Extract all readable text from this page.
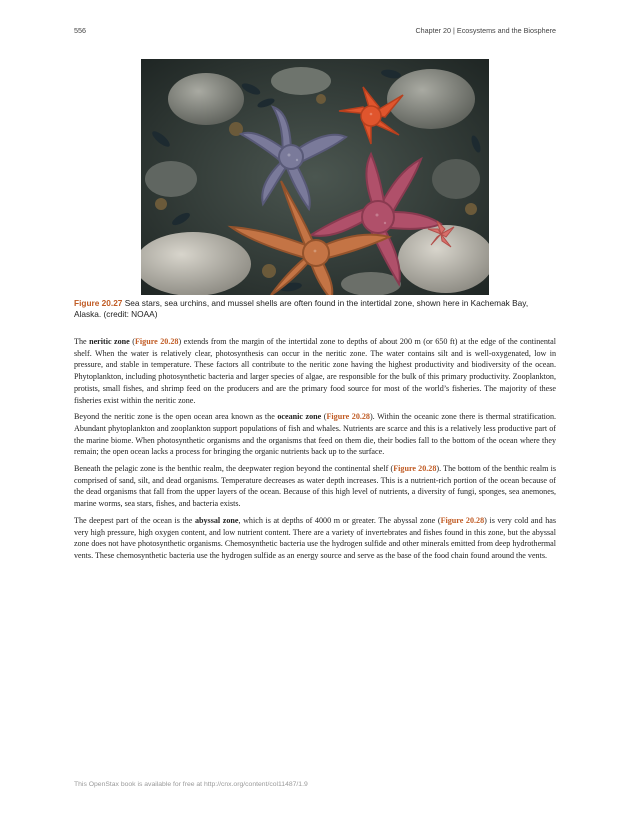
556	Chapter 20 | Ecosystems and the Biosphere
Figure 20.27 Sea stars, sea urchins, and mussel shells are often found in the intertidal zone, shown here in Kachemak Bay, Alaska. (credit: NOAA)

The neritic zone (Figure 20.28) extends from the margin of the intertidal zone to depths of about 200 m (or 650 ft) at the edge of the continental shelf. When the water is relatively clear, photosynthesis can occur in the neritic zone. The water contains silt and is well-oxygenated, low in pressure, and stable in temperature. These factors all contribute to the neritic zone having the highest productivity and biodiversity of the ocean. Phytoplankton, including photosynthetic bacteria and larger species of algae, are responsible for the bulk of this primary productivity. Zooplankton, protists, small fishes, and shrimp feed on the producers and are the primary food source for most of the world’s fisheries. The majority of these fisheries exist within the neritic zone.

Beyond the neritic zone is the open ocean area known as the oceanic zone (Figure 20.28). Within the oceanic zone there is thermal stratification. Abundant phytoplankton and zooplankton support populations of fish and whales. Nutrients are scarce and this is a relatively less productive part of the marine biome. When photosynthetic organisms and the organisms that feed on them die, their bodies fall to the bottom of the ocean where they remain; the open ocean lacks a process for bringing the organic nutrients back up to the surface.

Beneath the pelagic zone is the benthic realm, the deepwater region beyond the continental shelf (Figure 20.28). The bottom of the benthic realm is comprised of sand, silt, and dead organisms. Temperature decreases as water depth increases. This is a nutrient-rich portion of the ocean because of the dead organisms that fall from the upper layers of the ocean. Because of this high level of nutrients, a diversity of fungi, sponges, sea anemones, marine worms, sea stars, fishes, and bacteria exists.

The deepest part of the ocean is the abyssal zone, which is at depths of 4000 m or greater. The abyssal zone (Figure 20.28) is very cold and has very high pressure, high oxygen content, and low nutrient content. There are a variety of invertebrates and fishes found in this zone, but the abyssal zone does not have photosynthetic organisms. Chemosynthetic bacteria use the hydrogen sulfide and other minerals emitted from deep hydrothermal vents. These chemosynthetic bacteria use the hydrogen sulfide as an energy source and serve as the base of the food chain found around the vents.

This OpenStax book is available for free at http://cnx.org/content/col11487/1.9
